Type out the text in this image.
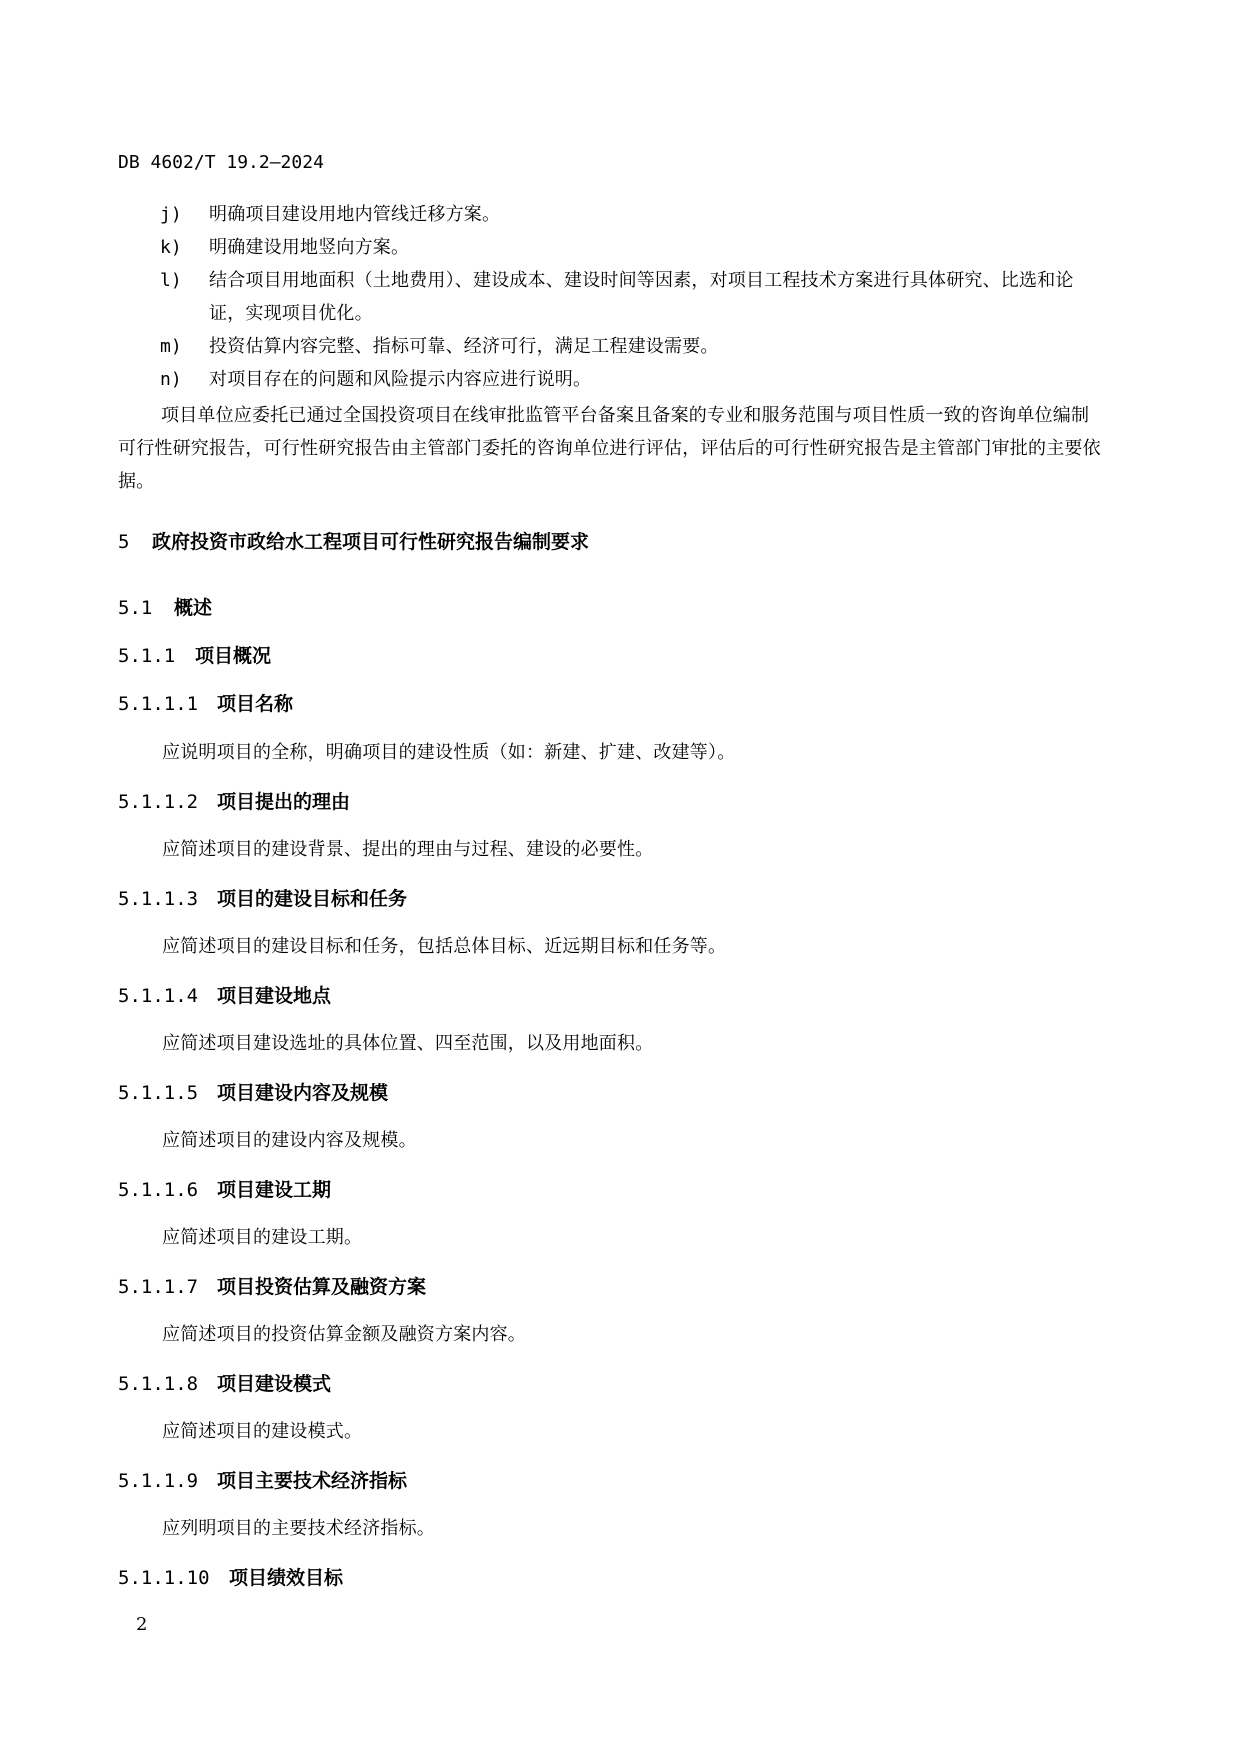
DB 4602/T 19.2—2024
j)	明确项目建设用地内管线迁移方案。
k)	明确建设用地竖向方案。
l)	结合项目用地面积（土地费用）、建设成本、建设时间等因素，对项目工程技术方案进行具体研究、比选和论证，实现项目优化。
m)	投资估算内容完整、指标可靠、经济可行，满足工程建设需要。
n)	对项目存在的问题和风险提示内容应进行说明。
项目单位应委托已通过全国投资项目在线审批监管平台备案且备案的专业和服务范围与项目性质一致的咨询单位编制可行性研究报告，可行性研究报告由主管部门委托的咨询单位进行评估，评估后的可行性研究报告是主管部门审批的主要依据。
5 政府投资市政给水工程项目可行性研究报告编制要求
5.1 概述
5.1.1 项目概况
5.1.1.1 项目名称
应说明项目的全称，明确项目的建设性质（如：新建、扩建、改建等）。
5.1.1.2 项目提出的理由
应简述项目的建设背景、提出的理由与过程、建设的必要性。
5.1.1.3 项目的建设目标和任务
应简述项目的建设目标和任务，包括总体目标、近远期目标和任务等。
5.1.1.4 项目建设地点
应简述项目建设选址的具体位置、四至范围，以及用地面积。
5.1.1.5 项目建设内容及规模
应简述项目的建设内容及规模。
5.1.1.6 项目建设工期
应简述项目的建设工期。
5.1.1.7 项目投资估算及融资方案
应简述项目的投资估算金额及融资方案内容。
5.1.1.8 项目建设模式
应简述项目的建设模式。
5.1.1.9 项目主要技术经济指标
应列明项目的主要技术经济指标。
5.1.1.10 项目绩效目标
2
